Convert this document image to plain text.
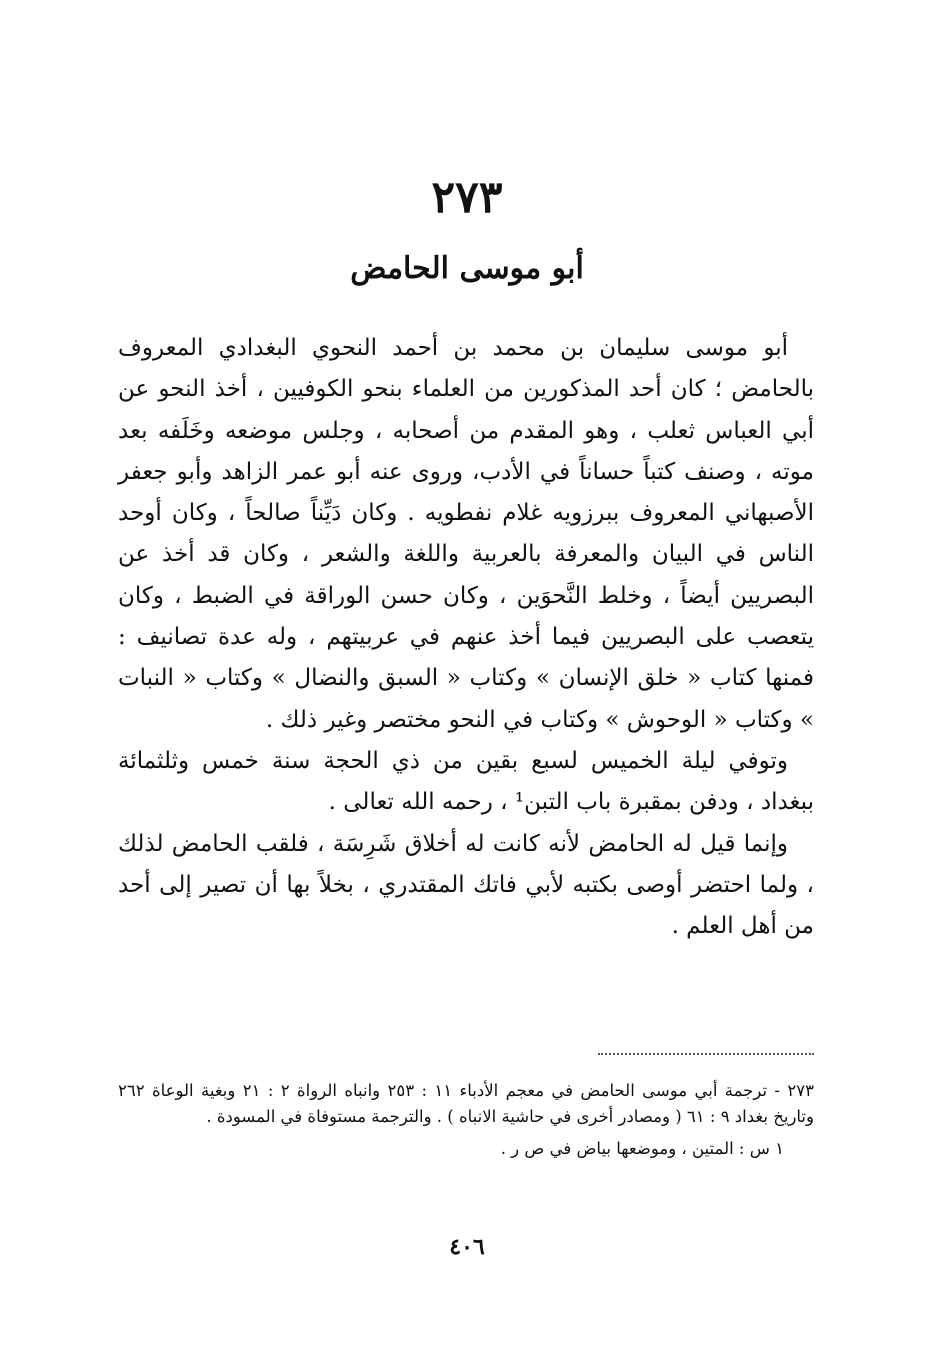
٢٧٣
أبو موسى الحامض

أبو موسى سليمان بن محمد بن أحمد النحوي البغدادي المعروف بالحامض ؛ كان أحد المذكورين من العلماء بنحو الكوفيين ، أخذ النحو عن أبي العباس ثعلب ، وهو المقدم من أصحابه ، وجلس موضعه وخَلَفه بعد موته ، وصنف كتباً حساناً في الأدب، وروى عنه أبو عمر الزاهد وأبو جعفر الأصبهاني المعروف ببرزويه غلام نفطويه . وكان دَيِّناً صالحاً ، وكان أوحد الناس في البيان والمعرفة بالعربية واللغة والشعر ، وكان قد أخذ عن البصريين أيضاً ، وخلط النَّحوَين ، وكان حسن الوراقة في الضبط ، وكان يتعصب على البصريين فيما أخذ عنهم في عربيتهم ، وله عدة تصانيف : فمنها كتاب « خلق الإنسان » وكتاب « السبق والنضال » وكتاب « النبات » وكتاب « الوحوش » وكتاب في النحو مختصر وغير ذلك .

وتوفي ليلة الخميس لسبع بقين من ذي الحجة سنة خمس وثلثمائة ببغداد ، ودفن بمقبرة باب التبن¹ ، رحمه الله تعالى .

وإنما قيل له الحامض لأنه كانت له أخلاق شَرِسَة ، فلقب الحامض لذلك ، ولما احتضر أوصى بكتبه لأبي فاتك المقتدري ، بخلاً بها أن تصير إلى أحد من أهل العلم .

٢٧٣ - ترجمة أبي موسى الحامض في معجم الأدباء ١١ : ٢٥٣ وانباه الرواة ٢ : ٢١ وبغية الوعاة ٢٦٢ وتاريخ بغداد ٩ : ٦١ ( ومصادر أخرى في حاشية الانباه ) . والترجمة مستوفاة في المسودة .

١ س : المتين ، وموضعها بياض في ص ر .

٤٠٦
